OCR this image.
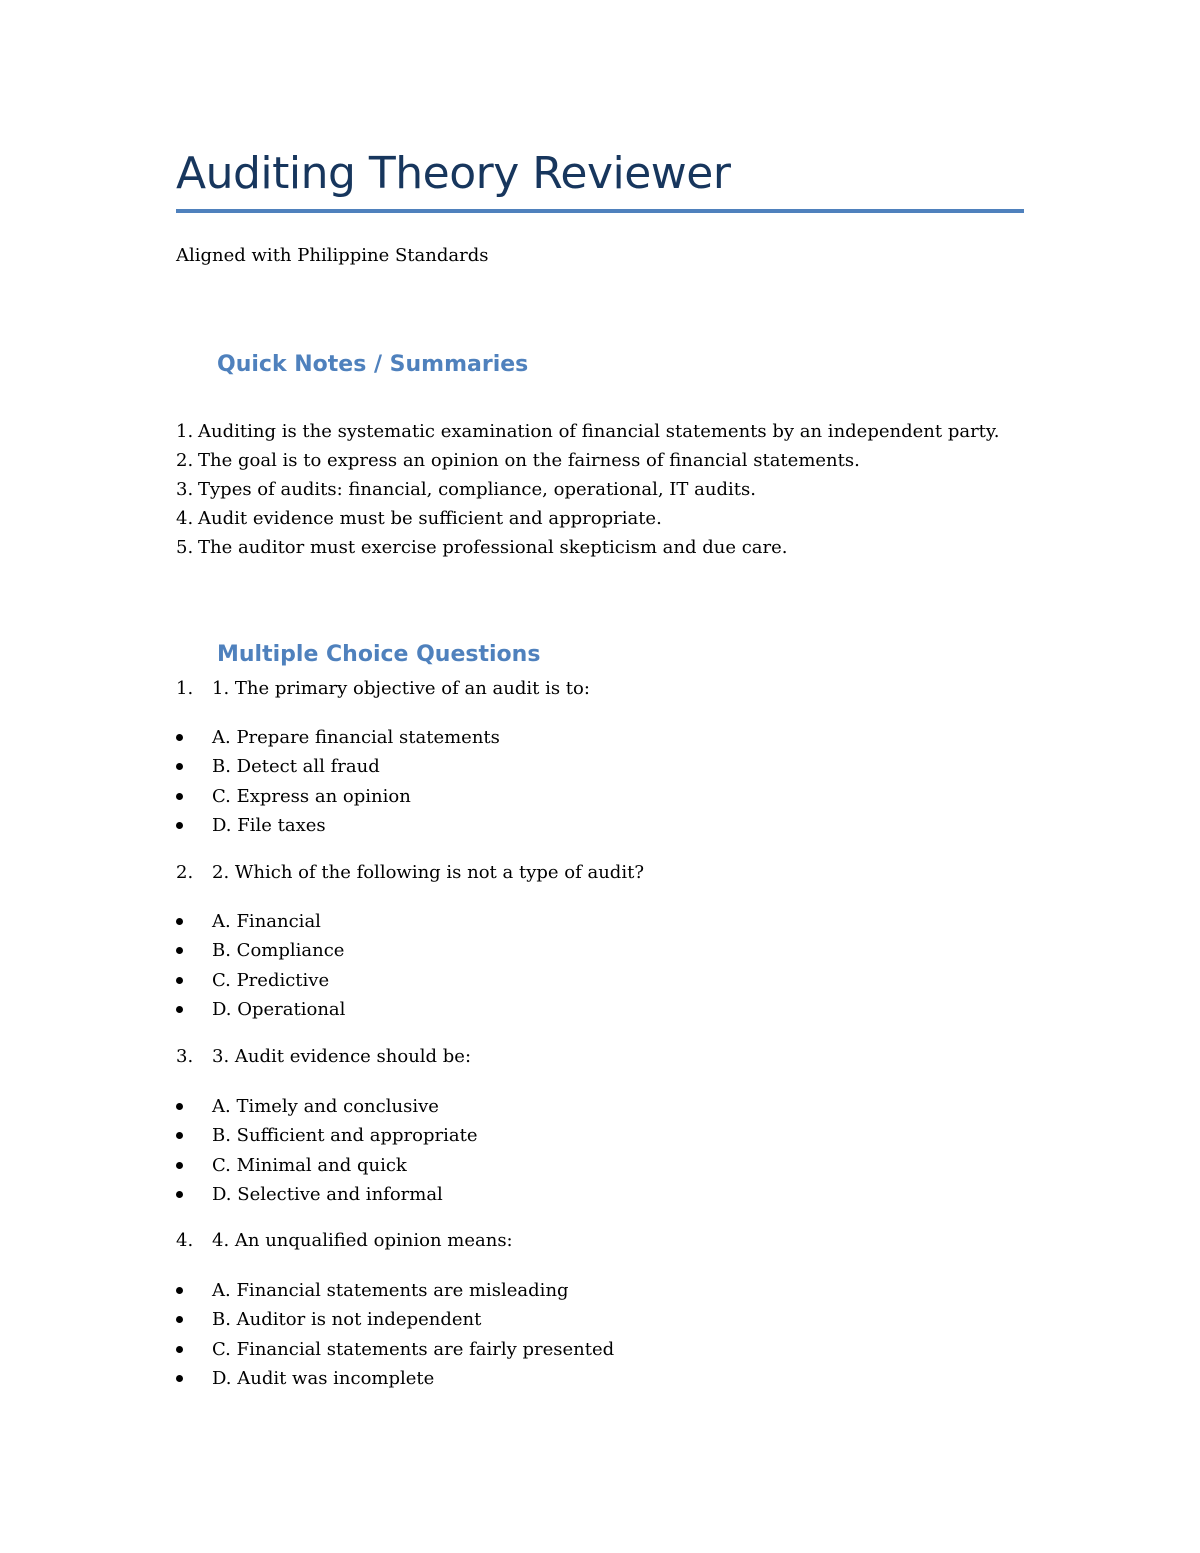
Auditing Theory Reviewer
Aligned with Philippine Standards
Quick Notes / Summaries
1. Auditing is the systematic examination of financial statements by an independent party.
2. The goal is to express an opinion on the fairness of financial statements.
3. Types of audits: financial, compliance, operational, IT audits.
4. Audit evidence must be sufficient and appropriate.
5. The auditor must exercise professional skepticism and due care.
Multiple Choice Questions
1. 1. The primary objective of an audit is to:
A. Prepare financial statements
B. Detect all fraud
C. Express an opinion
D. File taxes
2. 2. Which of the following is not a type of audit?
A. Financial
B. Compliance
C. Predictive
D. Operational
3. 3. Audit evidence should be:
A. Timely and conclusive
B. Sufficient and appropriate
C. Minimal and quick
D. Selective and informal
4. 4. An unqualified opinion means:
A. Financial statements are misleading
B. Auditor is not independent
C. Financial statements are fairly presented
D. Audit was incomplete
